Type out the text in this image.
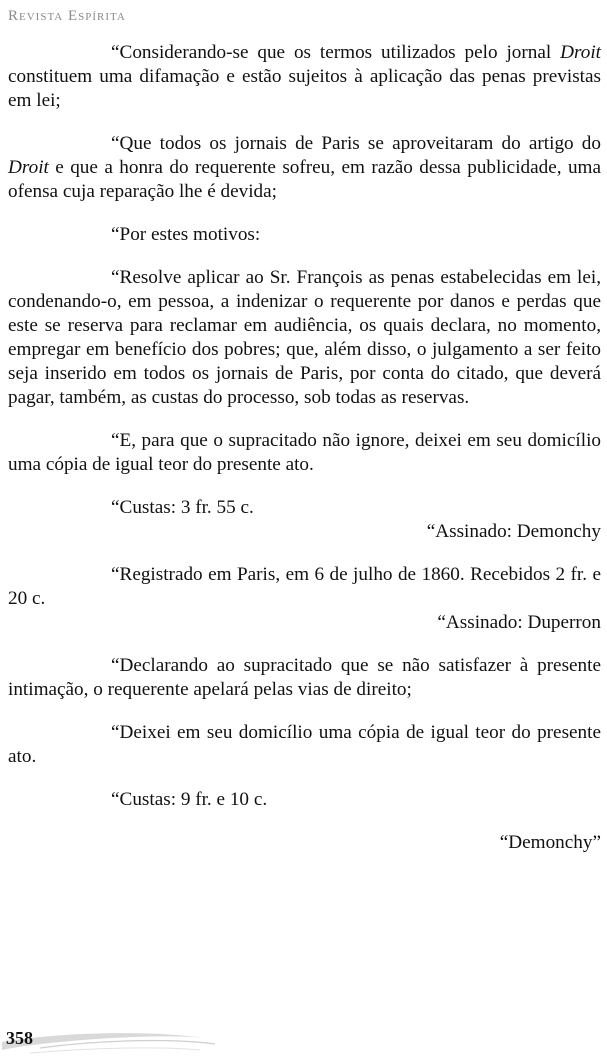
Revista Espírita

“Considerando-se que os termos utilizados pelo jornal Droit constituem uma difamação e estão sujeitos à aplicação das penas previstas em lei;

“Que todos os jornais de Paris se aproveitaram do artigo do Droit e que a honra do requerente sofreu, em razão dessa publicidade, uma ofensa cuja reparação lhe é devida;

“Por estes motivos:

“Resolve aplicar ao Sr. François as penas estabelecidas em lei, condenando-o, em pessoa, a indenizar o requerente por danos e perdas que este se reserva para reclamar em audiência, os quais declara, no momento, empregar em benefício dos pobres; que, além disso, o julgamento a ser feito seja inserido em todos os jornais de Paris, por conta do citado, que deverá pagar, também, as custas do processo, sob todas as reservas.

“E, para que o supracitado não ignore, deixei em seu domicílio uma cópia de igual teor do presente ato.

“Custas: 3 fr. 55 c.

“Assinado: Demonchy

“Registrado em Paris, em 6 de julho de 1860. Recebidos 2 fr. e 20 c.

“Assinado: Duperron

“Declarando ao supracitado que se não satisfazer à presente intimação, o requerente apelará pelas vias de direito;

“Deixei em seu domicílio uma cópia de igual teor do presente ato.

“Custas: 9 fr. e 10 c.

“Demonchy”

358
